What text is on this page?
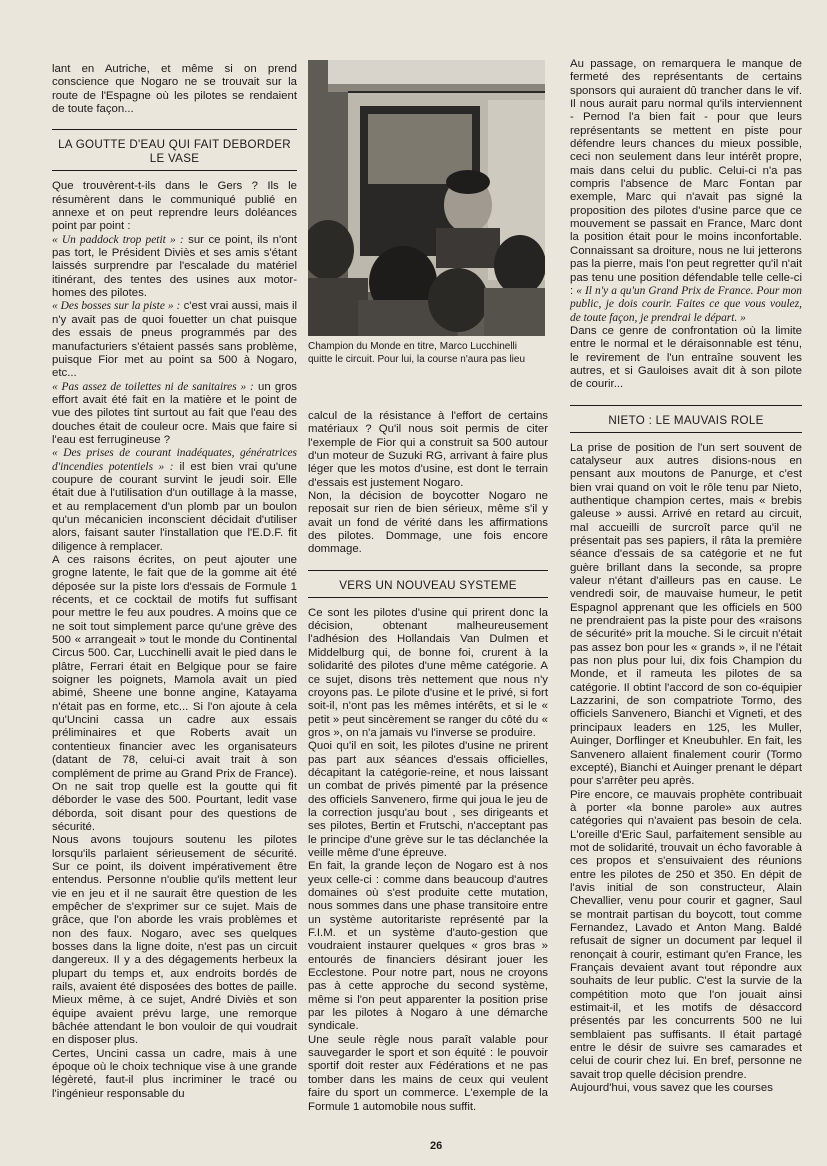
lant en Autriche, et même si on prend conscience que Nogaro ne se trouvait sur la route de l'Espagne où les pilotes se rendaient de toute façon...

LA GOUTTE D'EAU QUI FAIT DEBORDER LE VASE

Que trouvèrent-t-ils dans le Gers ? Ils le résumèrent dans le communiqué publié en annexe et on peut reprendre leurs doléances point par point :

« Un paddock trop petit » : sur ce point, ils n'ont pas tort, le Président Diviès et ses amis s'étant laissés surprendre par l'escalade du matériel itinérant, des tentes des usines aux motor-homes des pilotes.

« Des bosses sur la piste » : c'est vrai aussi, mais il n'y avait pas de quoi fouetter un chat puisque des essais de pneus programmés par des manufacturiers s'étaient passés sans problème, puisque Fior met au point sa 500 à Nogaro, etc...

« Pas assez de toilettes ni de sanitaires » : un gros effort avait été fait en la matière et le point de vue des pilotes tint surtout au fait que l'eau des douches était de couleur ocre. Mais que faire si l'eau est ferrugineuse ?

« Des prises de courant inadéquates, génératrices d'incendies potentiels » : il est bien vrai qu'une coupure de courant survint le jeudi soir. Elle était due à l'utilisation d'un outillage à la masse, et au remplacement d'un plomb par un boulon qu'un mécanicien inconscient décidait d'utiliser alors, faisant sauter l'installation que l'E.D.F. fit diligence à remplacer.

A ces raisons écrites, on peut ajouter une grogne latente, le fait que de la gomme ait été déposée sur la piste lors d'essais de Formule 1 récents, et ce cocktail de motifs fut suffisant pour mettre le feu aux poudres. A moins que ce ne soit tout simplement parce qu'une grève des 500 « arrangeait » tout le monde du Continental Circus 500. Car, Lucchinelli avait le pied dans le plâtre, Ferrari était en Belgique pour se faire soigner les poignets, Mamola avait un pied abimé, Sheene une bonne angine, Katayama n'était pas en forme, etc... Si l'on ajoute à cela qu'Uncini cassa un cadre aux essais préliminaires et que Roberts avait un contentieux financier avec les organisateurs (datant de 78, celui-ci avait trait à son complément de prime au Grand Prix de France). On ne sait trop quelle est la goutte qui fit déborder le vase des 500. Pourtant, ledit vase déborda, soit disant pour des questions de sécurité.

Nous avons toujours soutenu les pilotes lorsqu'ils parlaient sérieusement de sécurité. Sur ce point, ils doivent impérativement être entendus. Personne n'oublie qu'ils mettent leur vie en jeu et il ne saurait être question de les empêcher de s'exprimer sur ce sujet. Mais de grâce, que l'on aborde les vrais problèmes et non des faux. Nogaro, avec ses quelques bosses dans la ligne doite, n'est pas un circuit dangereux. Il y a des dégagements herbeux la plupart du temps et, aux endroits bordés de rails, avaient été disposées des bottes de paille. Mieux même, à ce sujet, André Diviès et son équipe avaient prévu large, une remorque bâchée attendant le bon vouloir de qui voudrait en disposer plus.

Certes, Uncini cassa un cadre, mais à une époque où le choix technique vise à une grande légèreté, faut-il plus incriminer le tracé ou l'ingénieur responsable du

Champion du Monde en titre, Marco Lucchinelli

quitte le circuit. Pour lui, la course n'aura pas lieu

calcul de la résistance à l'effort de certains matériaux ? Qu'il nous soit permis de citer l'exemple de Fior qui a construit sa 500 autour d'un moteur de Suzuki RG, arrivant à faire plus léger que les motos d'usine, est dont le terrain d'essais est justement Nogaro.

Non, la décision de boycotter Nogaro ne reposait sur rien de bien sérieux, même s'il y avait un fond de vérité dans les affirmations des pilotes. Dommage, une fois encore dommage.

VERS UN NOUVEAU SYSTEME

Ce sont les pilotes d'usine qui prirent donc la décision, obtenant malheureusement l'adhésion des Hollandais Van Dulmen et Middelburg qui, de bonne foi, crurent à la solidarité des pilotes d'une même catégorie. A ce sujet, disons très nettement que nous n'y croyons pas. Le pilote d'usine et le privé, si fort soit-il, n'ont pas les mêmes intérêts, et si le « petit » peut sincèrement se ranger du côté du « gros », on n'a jamais vu l'inverse se produire.

Quoi qu'il en soit, les pilotes d'usine ne prirent pas part aux séances d'essais officielles, décapitant la catégorie-reine, et nous laissant un combat de privés pimenté par la présence des officiels Sanvenero, firme qui joua le jeu de la correction jusqu'au bout , ses dirigeants et ses pilotes, Bertin et Frutschi, n'acceptant pas le principe d'une grève sur le tas déclanchée la veille même d'une épreuve.

En fait, la grande leçon de Nogaro est à nos yeux celle-ci : comme dans beaucoup d'autres domaines où s'est produite cette mutation, nous sommes dans une phase transitoire entre un système autoritariste représenté par la F.I.M. et un système d'auto-gestion que voudraient instaurer quelques « gros bras » entourés de financiers désirant jouer les Ecclestone. Pour notre part, nous ne croyons pas à cette approche du second système, même si l'on peut apparenter la position prise par les pilotes à Nogaro à une démarche syndicale.

Une seule règle nous paraît valable pour sauvegarder le sport et son équité : le pouvoir sportif doit rester aux Fédérations et ne pas tomber dans les mains de ceux qui veulent faire du sport un commerce. L'exemple de la Formule 1 automobile nous suffit.

Au passage, on remarquera le manque de fermeté des représentants de certains sponsors qui auraient dû trancher dans le vif. Il nous aurait paru normal qu'ils interviennent - Pernod l'a bien fait - pour que leurs représentants se mettent en piste pour défendre leurs chances du mieux possible, ceci non seulement dans leur intérêt propre, mais dans celui du public. Celui-ci n'a pas compris l'absence de Marc Fontan par exemple, Marc qui n'avait pas signé la proposition des pilotes d'usine parce que ce mouvement se passait en France, Marc dont la position était pour le moins inconfortable. Connaissant sa droiture, nous ne lui jetterons pas la pierre, mais l'on peut regretter qu'il n'ait pas tenu une position défendable telle celle-ci : « Il n'y a qu'un Grand Prix de France. Pour mon public, je dois courir. Faites ce que vous voulez, de toute façon, je prendrai le départ. »

Dans ce genre de confrontation où la limite entre le normal et le déraisonnable est ténu, le revirement de l'un entraîne souvent les autres, et si Gauloises avait dit à son pilote de courir...

NIETO : LE MAUVAIS ROLE

La prise de position de l'un sert souvent de catalyseur aux autres disions-nous en pensant aux moutons de Panurge, et c'est bien vrai quand on voit le rôle tenu par Nieto, authentique champion certes, mais « brebis galeuse » aussi. Arrivé en retard au circuit, mal accueilli de surcroît parce qu'il ne présentait pas ses papiers, il râta la première séance d'essais de sa catégorie et ne fut guère brillant dans la seconde, sa propre valeur n'étant d'ailleurs pas en cause. Le vendredi soir, de mauvaise humeur, le petit Espagnol apprenant que les officiels en 500 ne prendraient pas la piste pour des «raisons de sécurité» prit la mouche. Si le circuit n'était pas assez bon pour les « grands », il ne l'était pas non plus pour lui, dix fois Champion du Monde, et il rameuta les pilotes de sa catégorie. Il obtint l'accord de son co-équipier Lazzarini, de son compatriote Tormo, des officiels Sanvenero, Bianchi et Vigneti, et des principaux leaders en 125, les Muller, Auinger, Dorflinger et Kneubuhler. En fait, les Sanvenero allaient finalement courir (Tormo excepté), Bianchi et Auinger prenant le départ pour s'arrêter peu après.

Pire encore, ce mauvais prophète contribuait à porter «la bonne parole» aux autres catégories qui n'avaient pas besoin de cela. L'oreille d'Eric Saul, parfaitement sensible au mot de solidarité, trouvait un écho favorable à ces propos et s'ensuivaient des réunions entre les pilotes de 250 et 350. En dépit de l'avis initial de son constructeur, Alain Chevallier, venu pour courir et gagner, Saul se montrait partisan du boycott, tout comme Fernandez, Lavado et Anton Mang. Baldé refusait de signer un document par lequel il renonçait à courir, estimant qu'en France, les Français devaient avant tout répondre aux souhaits de leur public. C'est la survie de la compétition moto que l'on jouait ainsi estimait-il, et les motifs de désaccord présentés par les concurrents 500 ne lui semblaient pas suffisants. Il était partagé entre le désir de suivre ses camarades et celui de courir chez lui. En bref, personne ne savait trop quelle décision prendre.

Aujourd'hui, vous savez que les courses

26
